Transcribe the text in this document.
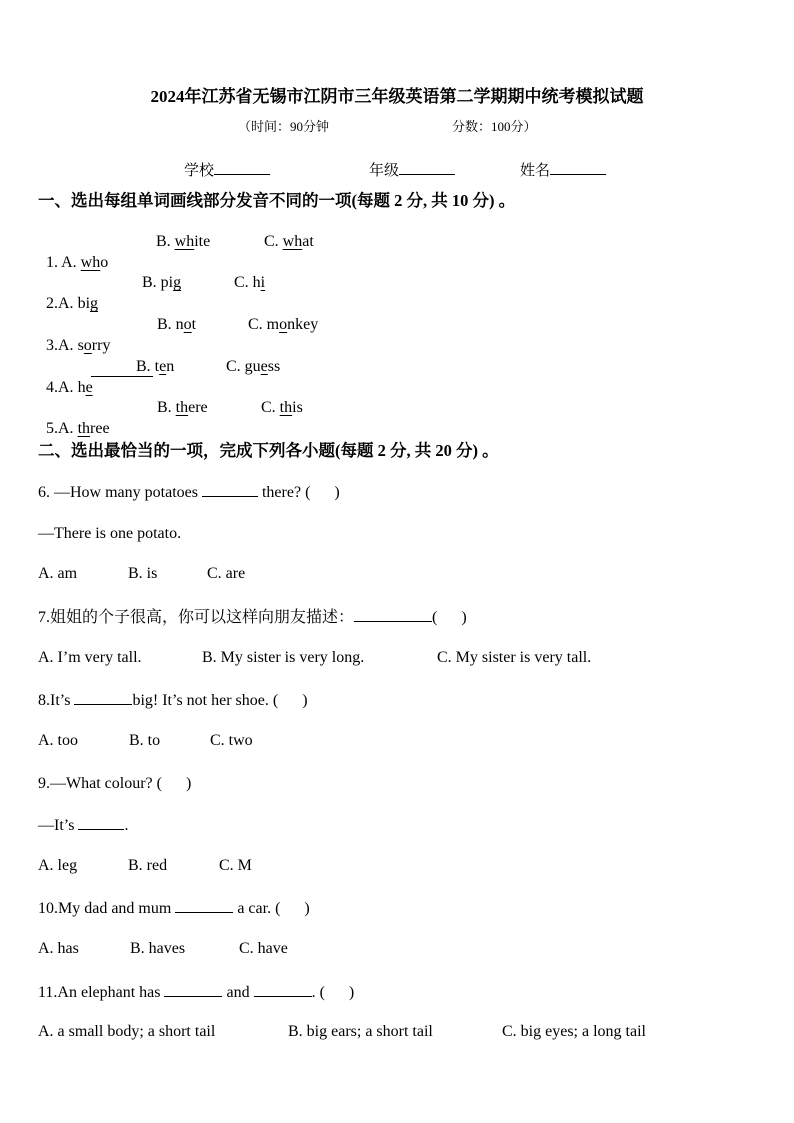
2024年江苏省无锡市江阴市三年级英语第二学期期中统考模拟试题
（时间：90分钟	分数：100分）
学校	年级	姓名
一、选出每组单词画线部分发音不同的一项(每题 2 分, 共 10 分) 。

1. A. who

B. white	C. what

2.A. big

B. pig	C. hi

3.A. sorry

B. not	C. monkey

4.A. he

B. ten	C. guess

5.A. three

B. there	C. this
二、选出最恰当的一项，完成下列各小题(每题 2 分, 共 20 分) 。
6. —How many potatoes	there? (      )
—There is one potato.
A. am	B. is	C. are
7.姐姐的个子很高，你可以这样向朋友描述：	(      )
A. I’m very tall.	B. My sister is very long.	C. My sister is very tall.
8.It’s	big! It’s not her shoe. (      )
A. too	B. to	C. two
9.—What colour? (      )
—It’s	.
A. leg	B. red	C. M
10.My dad and mum	a car. (      )
A. has	B. haves	C. have
11.An elephant has	and	. (      )
A. a small body; a short tail	B. big ears; a short tail	C. big eyes; a long tail
